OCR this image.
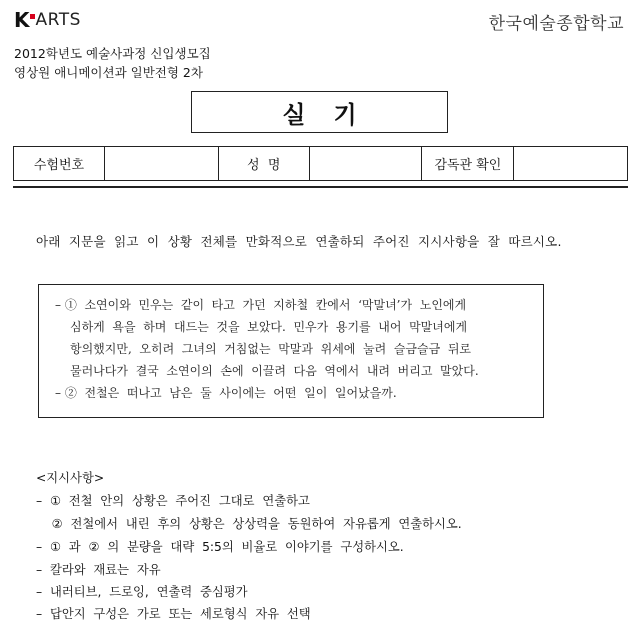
K ARTS	한국예술종합학교
2012학년도 예술사과정 신입생모집
영상원 애니메이션과 일반전형 2차
실기
수험번호		성  명		감독관 확인	
아래  지문을  읽고  이  상황  전체를  만화적으로  연출하되  주어진  지시사항을  잘  따르시오.
– ①  소연이와  민우는  같이  타고  가던  지하철  칸에서  ‘막말녀’가  노인에게
심하게  욕을  하며  대드는  것을  보았다.  민우가  용기를  내어  막말녀에게
항의했지만,  오히려  그녀의  거침없는  막말과  위세에  눌려  슬금슬금  뒤로
물러나다가  결국  소연이의  손에  이끌려  다음  역에서  내려  버리고  말았다.
– ②  전철은  떠나고  남은  둘  사이에는  어떤  일이  일어났을까.
<지시사항>
–  ①  전철  안의  상황은  주어진  그대로  연출하고
②  전철에서  내린  후의  상황은  상상력을  동원하여  자유롭게  연출하시오.
–  ①  과  ②  의  분량을  대략  5:5의  비율로  이야기를  구성하시오.
–  칼라와  재료는  자유
–  내러티브,  드로잉,  연출력  중심평가
–  답안지  구성은  가로  또는  세로형식  자유  선택
